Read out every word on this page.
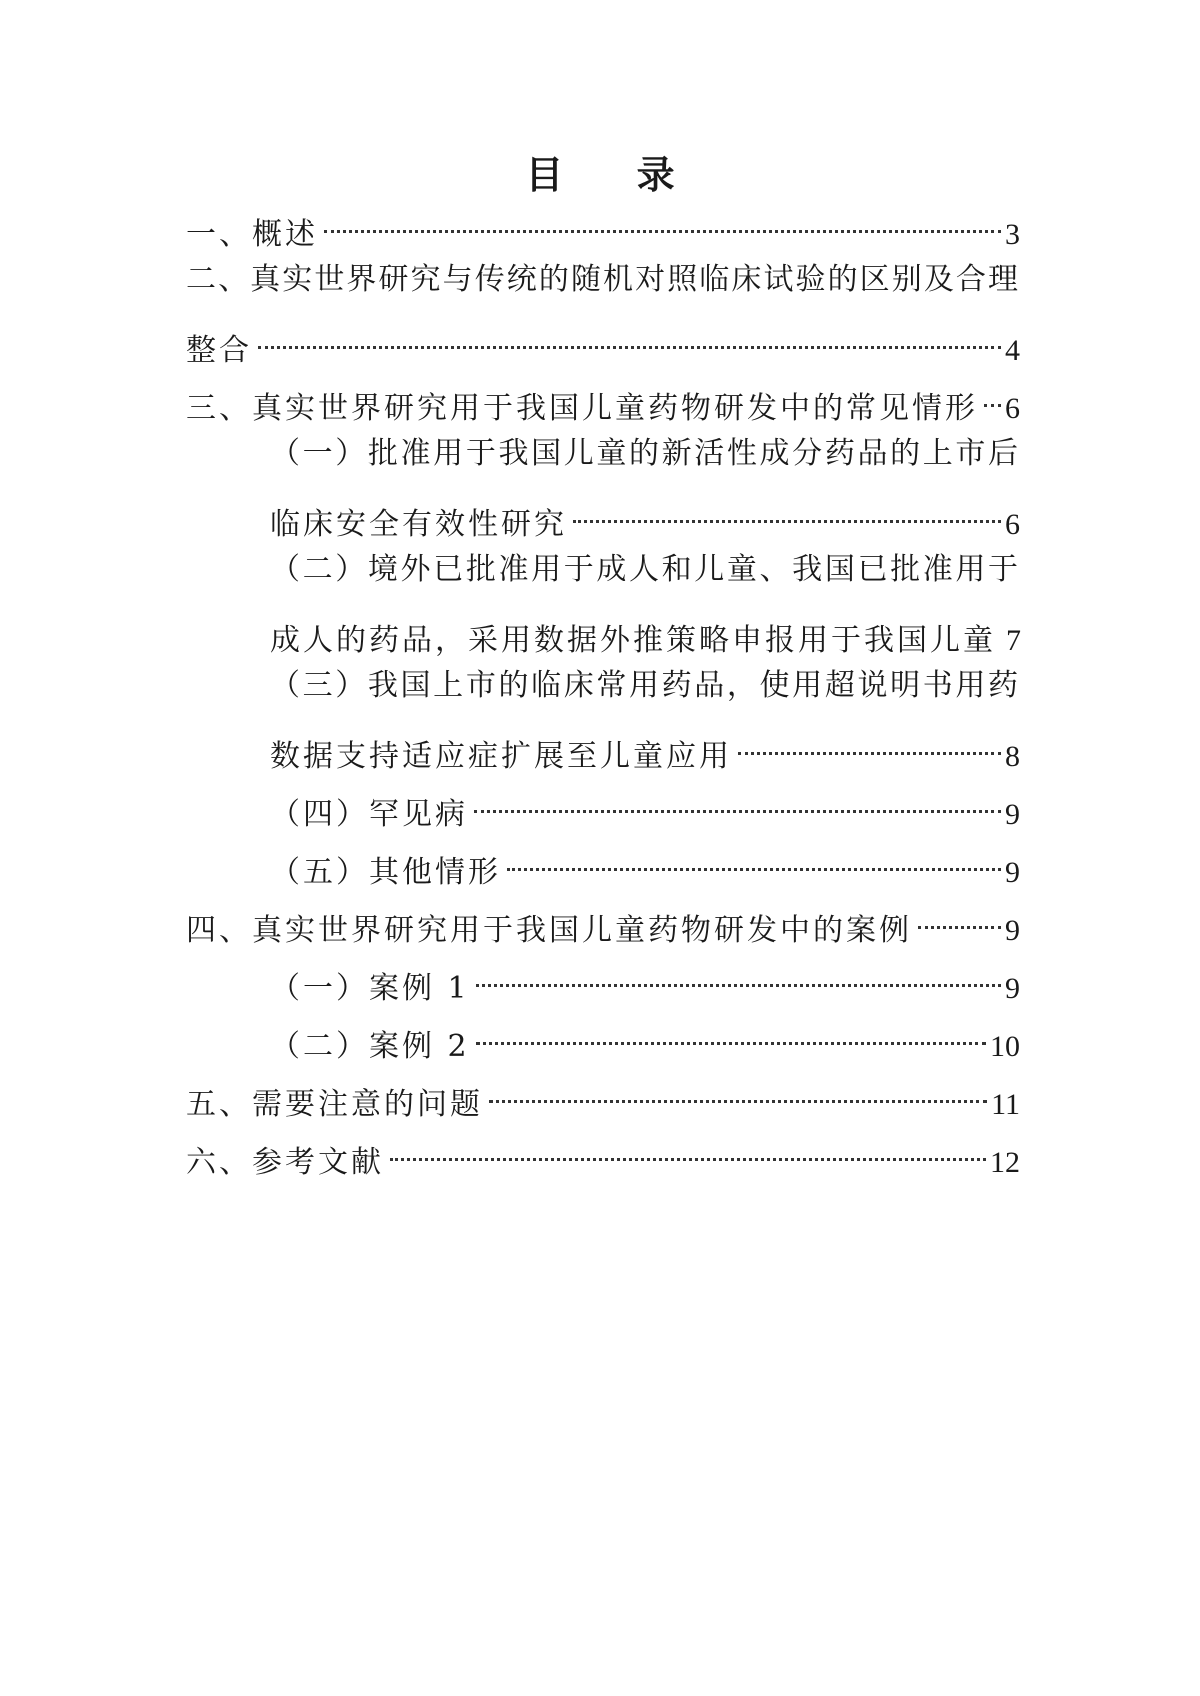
目 录
一、概述	3
二、真实世界研究与传统的随机对照临床试验的区别及合理
整合	4
三、真实世界研究用于我国儿童药物研发中的常见情形 6
（一）批准用于我国儿童的新活性成分药品的上市后
临床安全有效性研究	6
（二）境外已批准用于成人和儿童、我国已批准用于
成人的药品，采用数据外推策略申报用于我国儿童 7
（三）我国上市的临床常用药品，使用超说明书用药
数据支持适应症扩展至儿童应用	8
（四）罕见病	9
（五）其他情形	9
四、真实世界研究用于我国儿童药物研发中的案例	9
（一）案例 1	9
（二）案例 2	10
五、需要注意的问题	11
六、参考文献	12
